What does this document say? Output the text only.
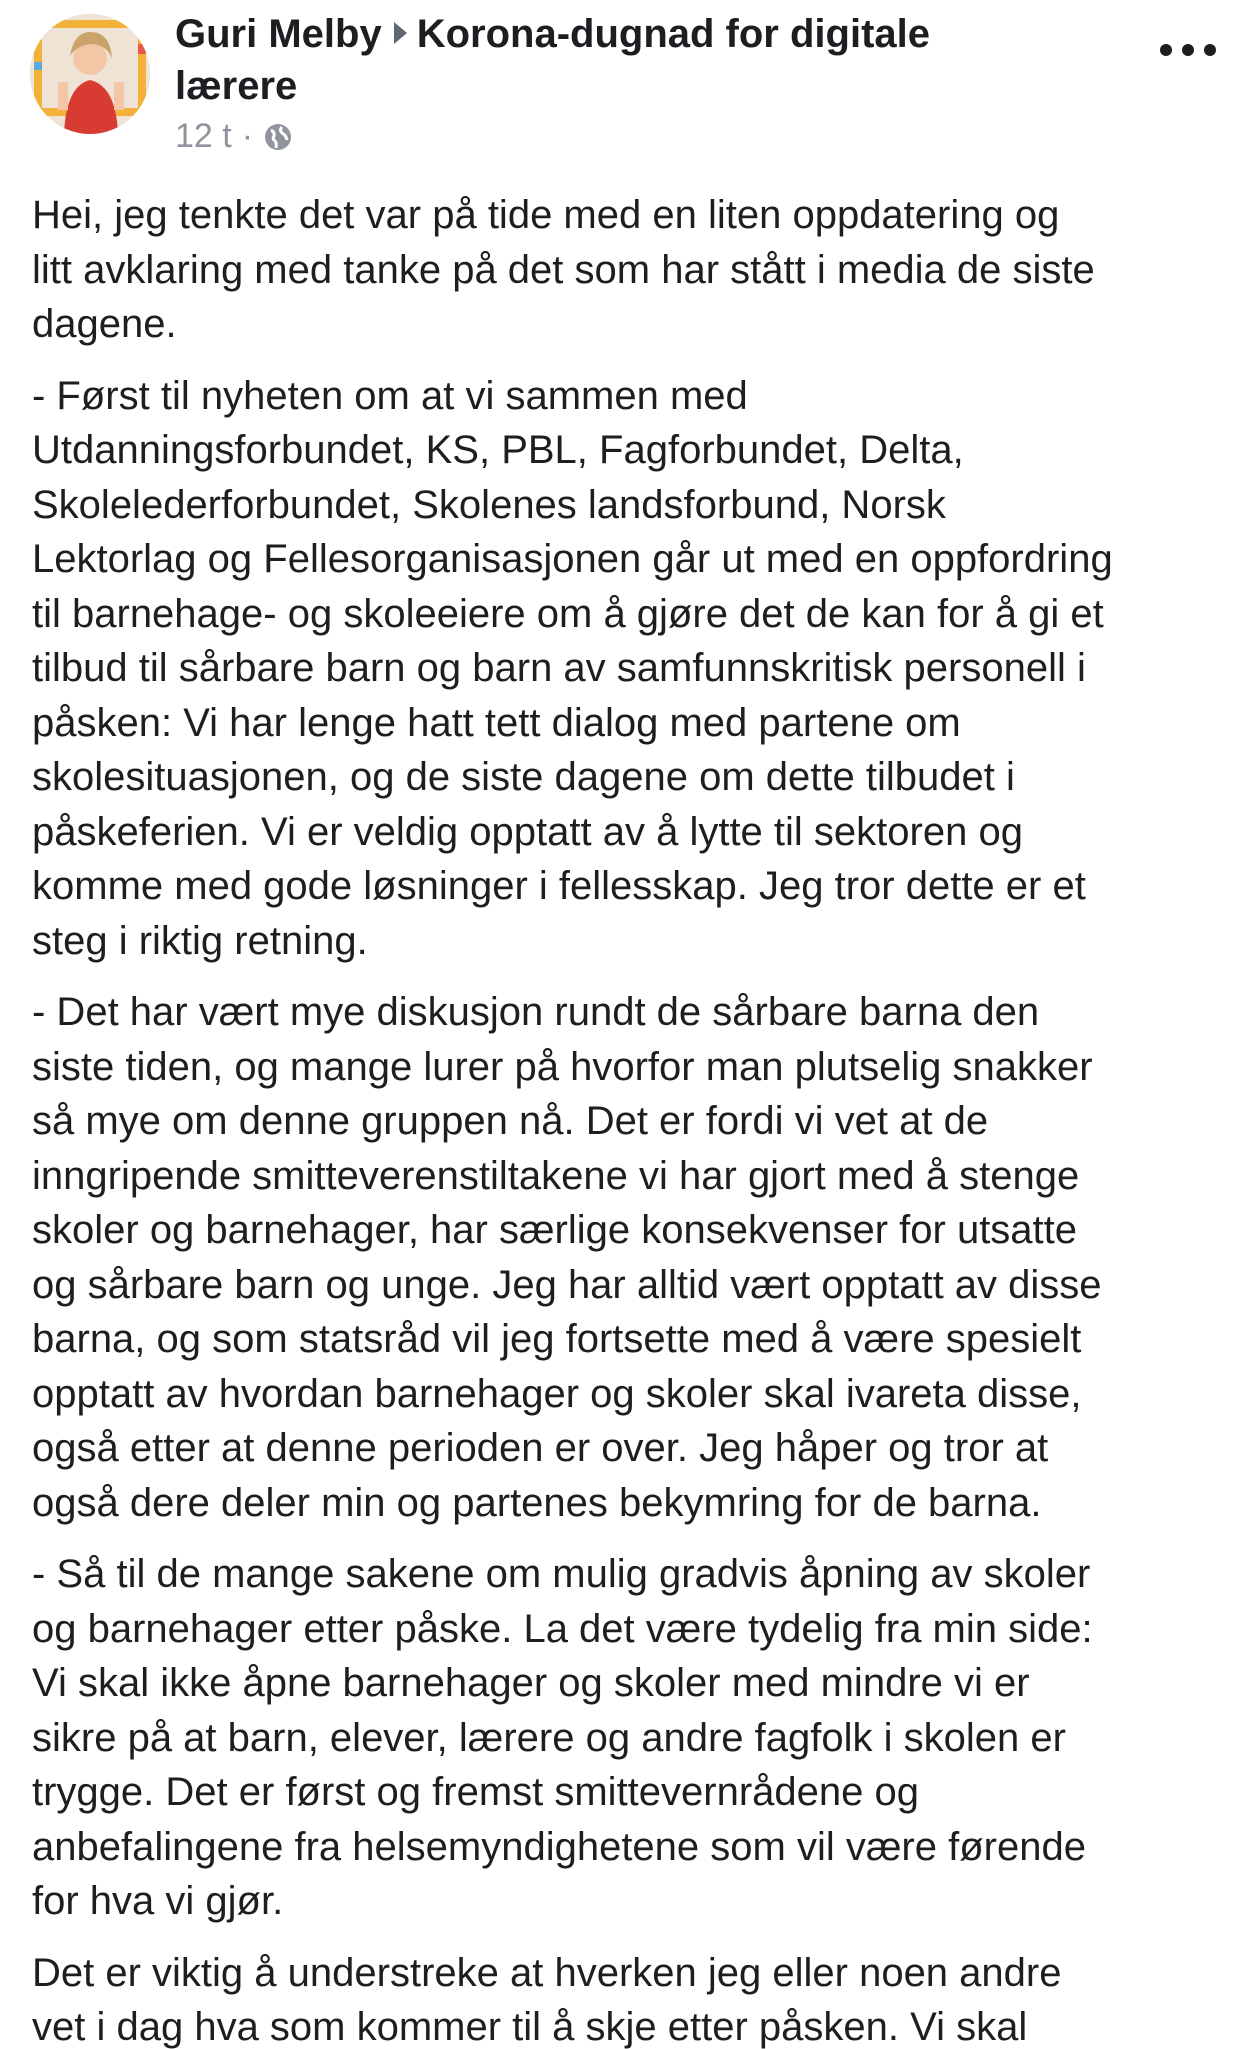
Guri Melby Korona-dugnad for digitale
lærere
12 t ·

Hei, jeg tenkte det var på tide med en liten oppdatering og
litt avklaring med tanke på det som har stått i media de siste
dagene.

- Først til nyheten om at vi sammen med
Utdanningsforbundet, KS, PBL, Fagforbundet, Delta,
Skolelederforbundet, Skolenes landsforbund, Norsk
Lektorlag og Fellesorganisasjonen går ut med en oppfordring
til barnehage- og skoleeiere om å gjøre det de kan for å gi et
tilbud til sårbare barn og barn av samfunnskritisk personell i
påsken: Vi har lenge hatt tett dialog med partene om
skolesituasjonen, og de siste dagene om dette tilbudet i
påskeferien. Vi er veldig opptatt av å lytte til sektoren og
komme med gode løsninger i fellesskap. Jeg tror dette er et
steg i riktig retning.

- Det har vært mye diskusjon rundt de sårbare barna den
siste tiden, og mange lurer på hvorfor man plutselig snakker
så mye om denne gruppen nå. Det er fordi vi vet at de
inngripende smitteverenstiltakene vi har gjort med å stenge
skoler og barnehager, har særlige konsekvenser for utsatte
og sårbare barn og unge. Jeg har alltid vært opptatt av disse
barna, og som statsråd vil jeg fortsette med å være spesielt
opptatt av hvordan barnehager og skoler skal ivareta disse,
også etter at denne perioden er over. Jeg håper og tror at
også dere deler min og partenes bekymring for de barna.

- Så til de mange sakene om mulig gradvis åpning av skoler
og barnehager etter påske. La det være tydelig fra min side:
Vi skal ikke åpne barnehager og skoler med mindre vi er
sikre på at barn, elever, lærere og andre fagfolk i skolen er
trygge. Det er først og fremst smittevernrådene og
anbefalingene fra helsemyndighetene som vil være førende
for hva vi gjør.

Det er viktig å understreke at hverken jeg eller noen andre
vet i dag hva som kommer til å skje etter påsken. Vi skal
